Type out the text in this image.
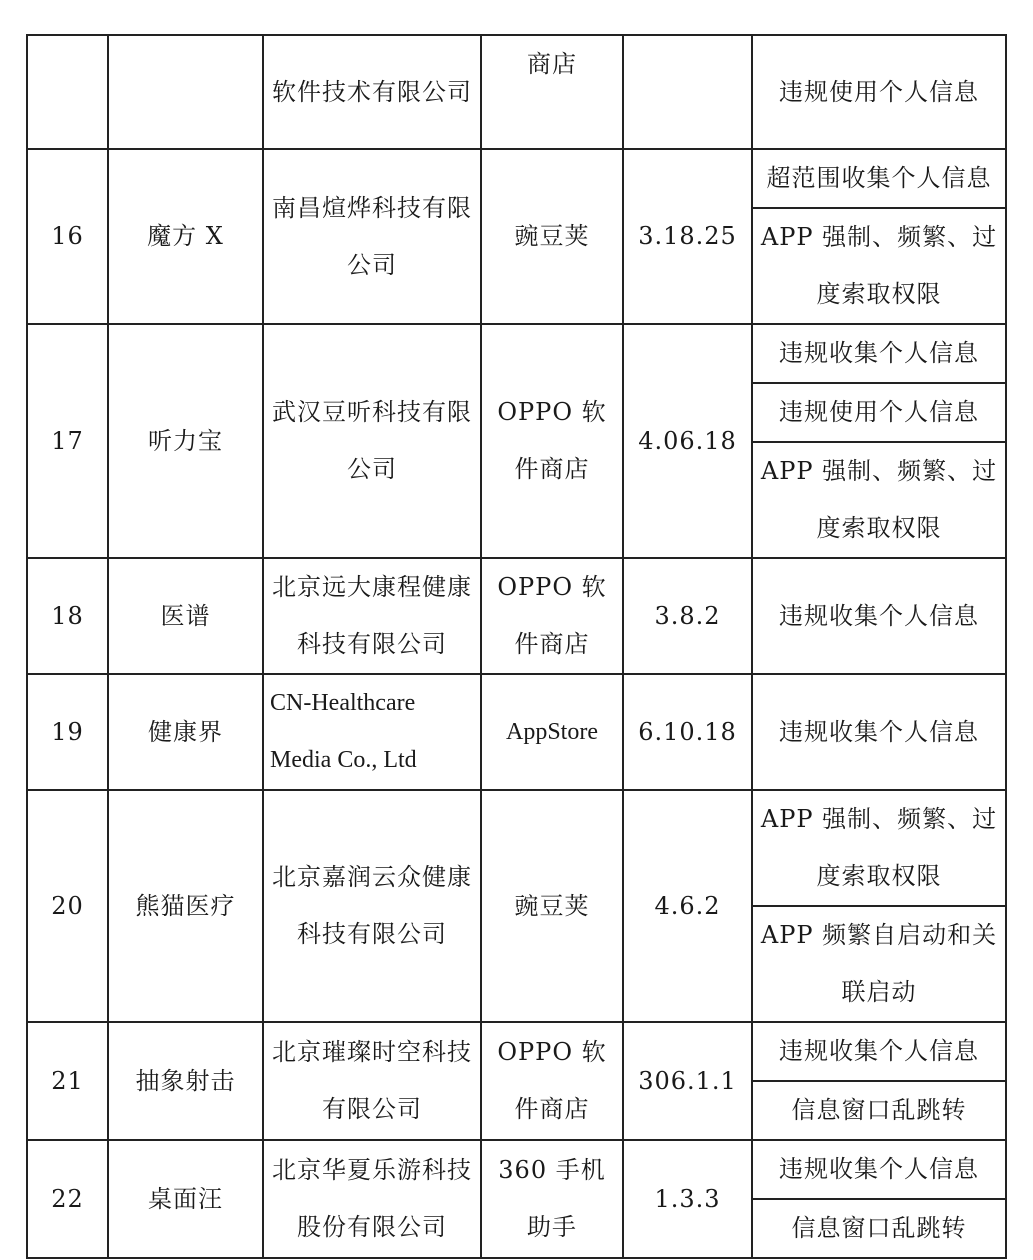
		软件技术有限公司	商店		违规使用个人信息
16	魔方 X	南昌煊烨科技有限公司	豌豆荚	3.18.25	超范围收集个人信息
					APP 强制、频繁、过度索取权限
17	听力宝	武汉豆听科技有限公司	OPPO 软件商店	4.06.18	违规收集个人信息
					违规使用个人信息
					APP 强制、频繁、过度索取权限
18	医谱	北京远大康程健康科技有限公司	OPPO 软件商店	3.8.2	违规收集个人信息
19	健康界	CN-Healthcare Media Co., Ltd	AppStore	6.10.18	违规收集个人信息
20	熊猫医疗	北京嘉润云众健康科技有限公司	豌豆荚	4.6.2	APP 强制、频繁、过度索取权限
					APP 频繁自启动和关联启动
21	抽象射击	北京璀璨时空科技有限公司	OPPO 软件商店	306.1.1	违规收集个人信息
					信息窗口乱跳转
22	桌面汪	北京华夏乐游科技股份有限公司	360 手机助手	1.3.3	违规收集个人信息
					信息窗口乱跳转
